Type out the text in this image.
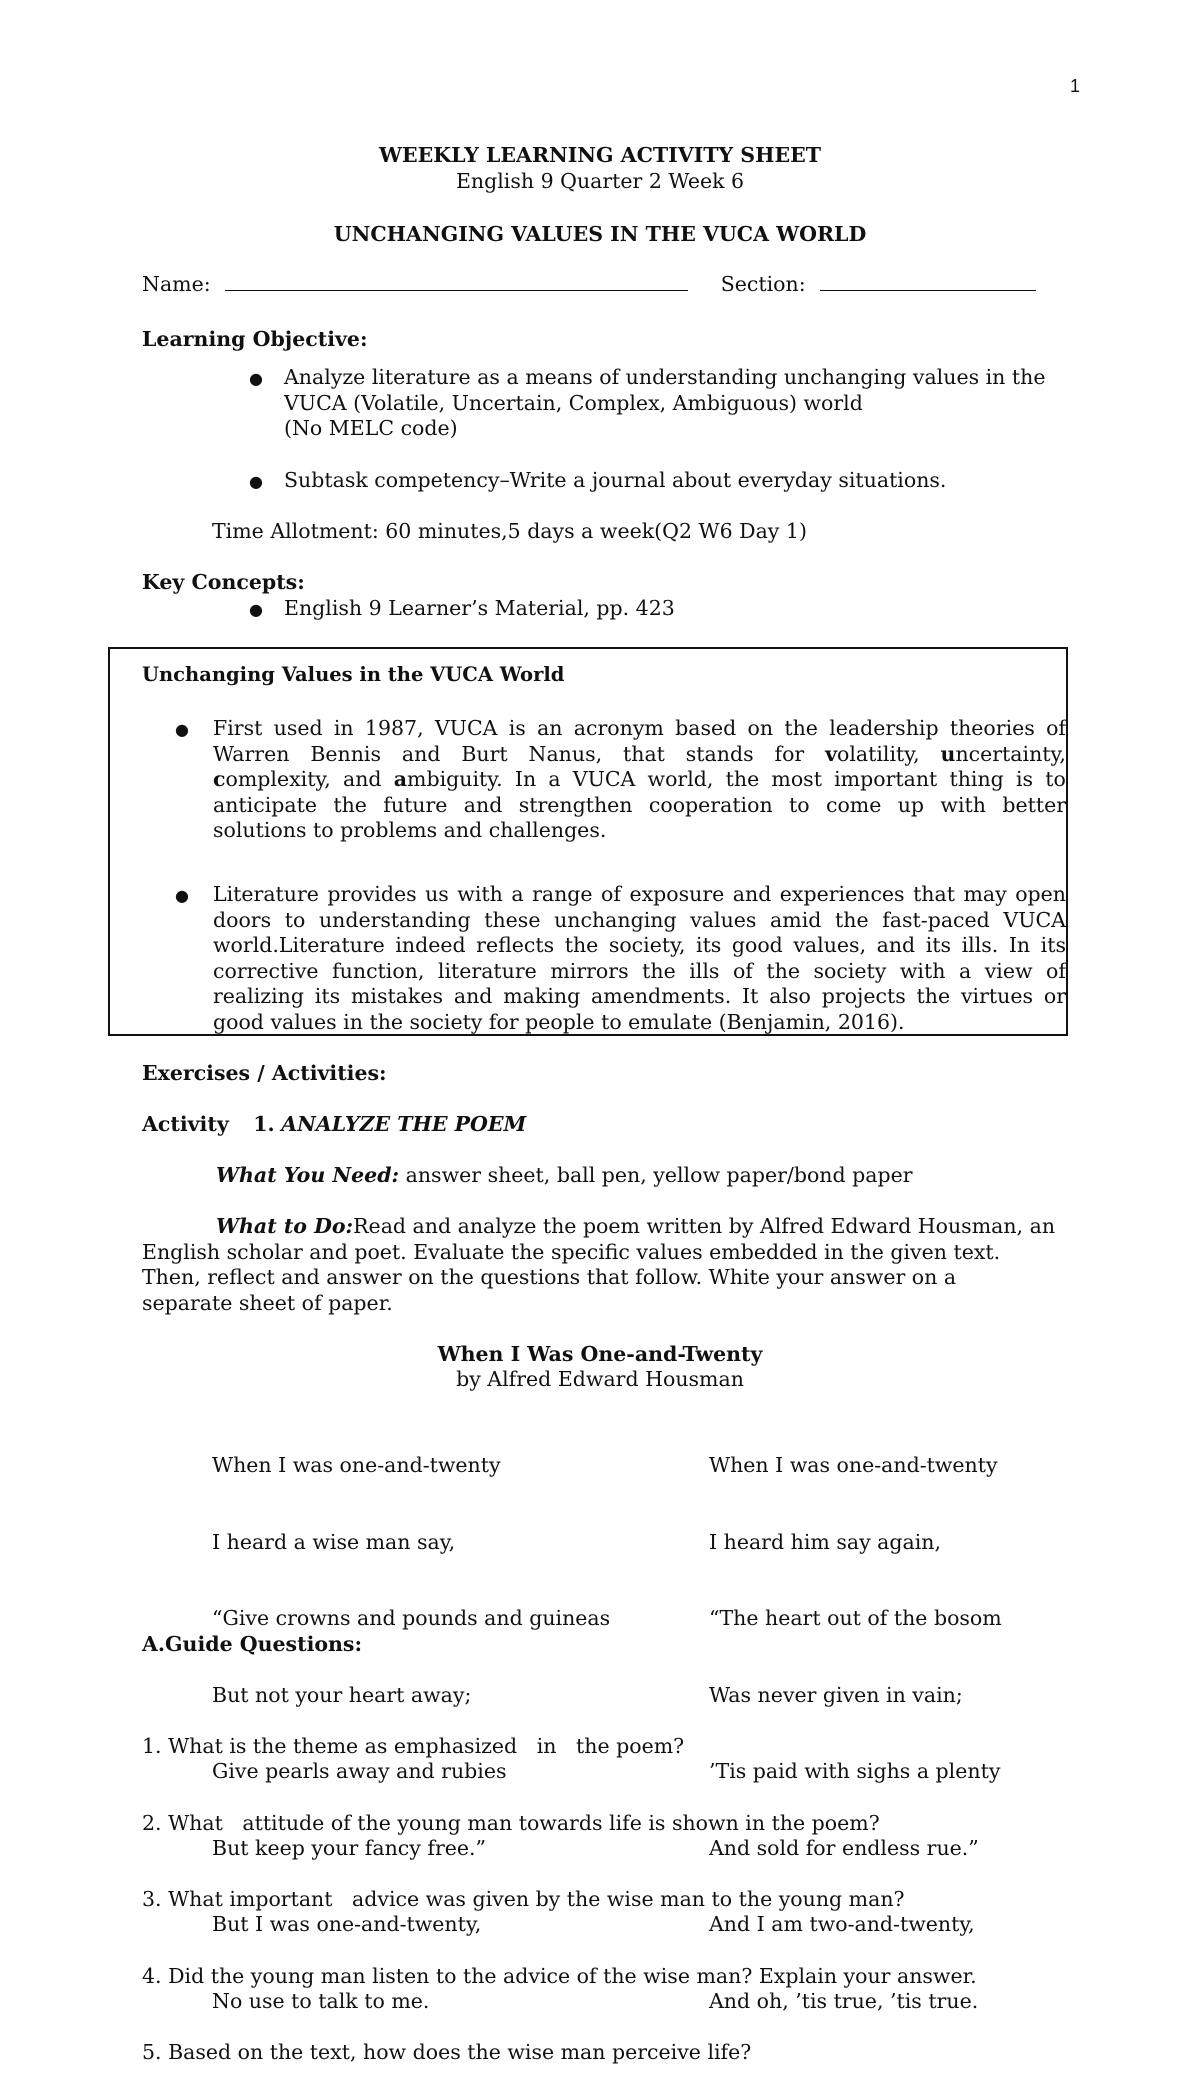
1
WEEKLY LEARNING ACTIVITY SHEET
English 9 Quarter 2 Week 6
UNCHANGING VALUES IN THE VUCA WORLD
Name:	Section:
Learning Objective:
● Analyze literature as a means of understanding unchanging values in the
VUCA (Volatile, Uncertain, Complex, Ambiguous) world
(No MELC code)
● Subtask competency–Write a journal about everyday situations.
Time Allotment: 60 minutes,5 days a week(Q2 W6 Day 1)
Key Concepts:
● English 9 Learner’s Material, pp. 423
Unchanging Values in the VUCA World
● First used in 1987, VUCA is an acronym based on the leadership theories of
Warren Bennis and Burt Nanus, that stands for volatility, uncertainty,
complexity, and ambiguity. In a VUCA world, the most important thing is to
anticipate the future and strengthen cooperation to come up with better
solutions to problems and challenges.
● Literature provides us with a range of exposure and experiences that may open
doors to understanding these unchanging values amid the fast-paced VUCA
world.Literature indeed reflects the society, its good values, and its ills. In its
corrective function, literature mirrors the ills of the society with a view of
realizing its mistakes and making amendments. It also projects the virtues or
good values in the society for people to emulate (Benjamin, 2016).
Exercises / Activities:
Activity 1. ANALYZE THE POEM
What You Need: answer sheet, ball pen, yellow paper/bond paper
What to Do:Read and analyze the poem written by Alfred Edward Housman, an
English scholar and poet. Evaluate the specific values embedded in the given text.
Then, reflect and answer on the questions that follow. White your answer on a
separate sheet of paper.
When I Was One-and-Twenty
by Alfred Edward Housman

When I was one-and-twenty

I heard a wise man say,

“Give crowns and pounds and guineas

But not your heart away;

Give pearls away and rubies

But keep your fancy free.”

But I was one-and-twenty,

No use to talk to me.

When I was one-and-twenty

I heard him say again,

“The heart out of the bosom

Was never given in vain;

’Tis paid with sighs a plenty

And sold for endless rue.”

And I am two-and-twenty,

And oh, ’tis true, ’tis true.

A.Guide Questions:

1. What is the theme as emphasized   in   the poem?

2. What   attitude of the young man towards life is shown in the poem?

3. What important   advice was given by the wise man to the young man?

4. Did the young man listen to the advice of the wise man? Explain your answer.

5. Based on the text, how does the wise man perceive life?
